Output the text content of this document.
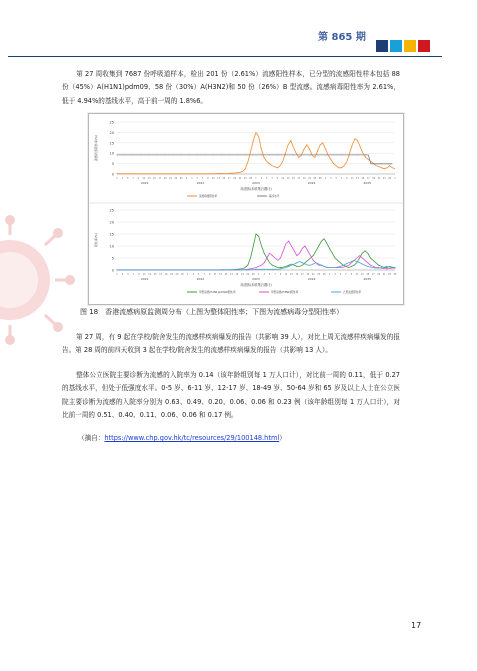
第 865 期
第 27 周收集到 7687 份呼吸道样本，检出 201 份（2.61%）流感阳性样本，已分型的流感阳性样本包括 88 份（45%）A(H1N1)pdm09、58 份（30%）A(H3N2)和 50 份（26%）B 型流感。流感病毒阳性率为 2.61%，低于 4.94%的基线水平，高于前一周的 1.8%6。
0
5
10
15
20
25
1 3 5 7 9 11 13 15 17 19 21 23 25 1 3 5 7 9 11 13 15 17 19 21 23 25 1 3 5 7 9 11 13 15 17 19 21 23 25 1 3 5 7 9 11 13 15 17 19 21 23 25 1
2021	2022	2023	2024	2025
周(按标本收集日期计)
流感病毒阳性率(%)
流感病毒阳性率	基线水平
0
5
10
15
20
25
1 3 5 7 9 11 13 15 17 19 21 23 25 1 3 5 7 9 11 13 15 17 19 21 23 25 1 3 5 7 9 11 13 15 17 19 21 23 25 1 3 5 7 9 11 13 15 17 19 21 23 25
2021	2022	2023	2024	2025
周(按标本收集日期计)
阳性率(%)
甲型流感(H1N1)pdm09阳性率	甲型流感(H3N2)阳性率	乙型流感阳性率
图 18　香港流感病原监测周分布（上图为整体阳性率；下图为流感病毒分型阳性率）
第 27 周，有 9 起在学校/院舍发生的流感样疾病爆发的报告（共影响 39 人），对比上周无流感样疾病爆发的报告。第 28 周的前四天收到 3 起在学校/院舍发生的流感样疾病爆发的报告（共影响 13 人）。
整体公立医院主要诊断为流感的入院率为 0.14（该年龄组别每 1 万人口计），对比前一周的 0.11，低于 0.27 的基线水平，但处于低强度水平。0-5 岁、6-11 岁、12-17 岁、18-49 岁、50-64 岁和 65 岁及以上人士在公立医院主要诊断为流感的入院率分别为 0.63、0.49、0.20、0.06、0.06 和 0.23 例（该年龄组别每 1 万人口计），对比前一周的 0.51、0.40、0.11、0.06、0.06 和 0.17 例。
（摘自：https://www.chp.gov.hk/tc/resources/29/100148.html）
17
